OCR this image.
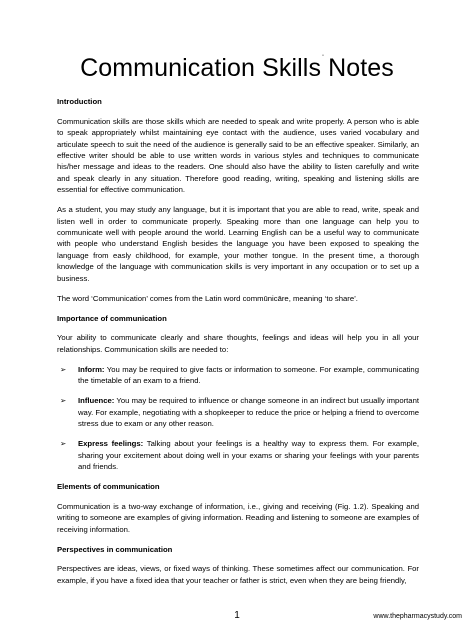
Communication Skills Notes
ˌ
Introduction

Communication skills are those skills which are needed to speak and write properly. A person who is able to speak appropriately whilst maintaining eye contact with the audience, uses varied vocabulary and articulate speech to suit the need of the audience is generally said to be an effective speaker. Similarly, an effective writer should be able to use written words in various styles and techniques to communicate his/her message and ideas to the readers. One should also have the ability to listen carefully and write and speak clearly in any situation. Therefore good reading, writing, speaking and listening skills are essential for effective communication.

As a student, you may study any language, but it is important that you are able to read, write, speak and listen well in order to communicate properly. Speaking more than one language can help you to communicate well with people around the world. Learning English can be a useful way to communicate with people who understand English besides the language you have been exposed to speaking the language from easly childhood, for example, your mother tongue. In the present time, a thorough knowledge of the language with communication skills is very important in any occupation or to set up a business.

The word ‘Communication’ comes from the Latin word commūnicāre, meaning ‘to share’.

Importance of communication

Your ability to communicate clearly and share thoughts, feelings and ideas will help you in all your relationships. Communication skills are needed to:

➢ Inform: You may be required to give facts or information to someone. For example, communicating the timetable of an exam to a friend.
➢ Influence: You may be required to influence or change someone in an indirect but usually important way. For example, negotiating with a shopkeeper to reduce the price or helping a friend to overcome stress due to exam or any other reason.
➢ Express feelings: Talking about your feelings is a healthy way to express them. For example, sharing your excitement about doing well in your exams or sharing your feelings with your parents and friends.
Elements of communication

Communication is a two-way exchange of information, i.e., giving and receiving (Fig. 1.2). Speaking and writing to someone are examples of giving information. Reading and listening to someone are examples of receiving information.

Perspectives in communication

Perspectives are ideas, views, or fixed ways of thinking. These sometimes affect our communication. For example, if you have a fixed idea that your teacher or father is strict, even when they are being friendly,

1	www.thepharmacystudy.com
